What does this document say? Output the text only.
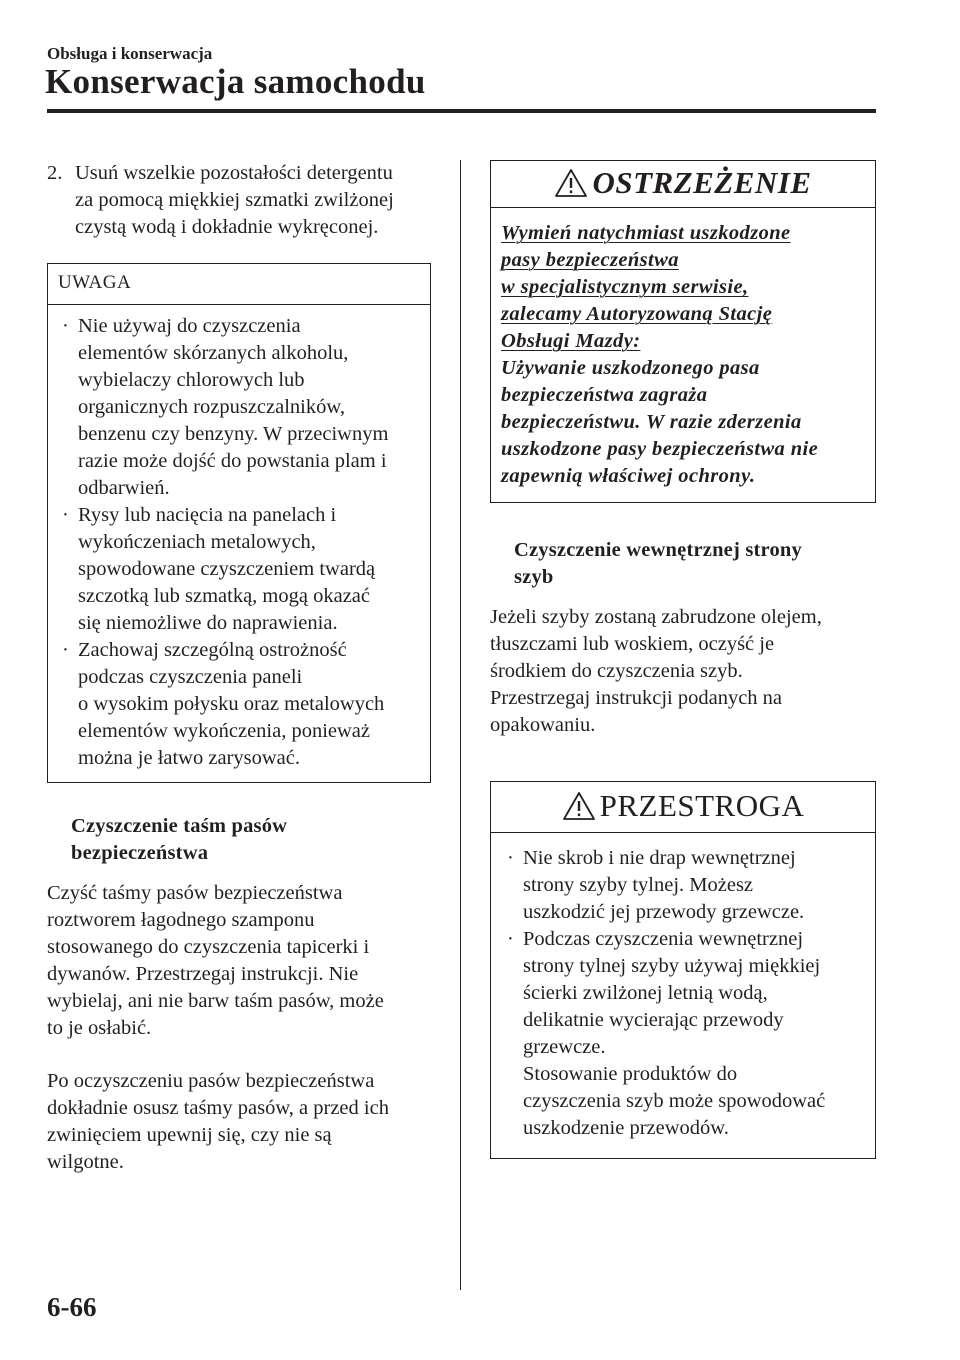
Obsługa i konserwacja
Konserwacja samochodu
2. Usuń wszelkie pozostałości detergentu
za pomocą miękkiej szmatki zwilżonej
czystą wodą i dokładnie wykręconej.
UWAGA
· Nie używaj do czyszczenia
elementów skórzanych alkoholu,
wybielaczy chlorowych lub
organicznych rozpuszczalników,
benzenu czy benzyny. W przeciwnym
razie może dojść do powstania plam i
odbarwień.
· Rysy lub nacięcia na panelach i
wykończeniach metalowych,
spowodowane czyszczeniem twardą
szczotką lub szmatką, mogą okazać
się niemożliwe do naprawienia.
· Zachowaj szczególną ostrożność
podczas czyszczenia paneli
o wysokim połysku oraz metalowych
elementów wykończenia, ponieważ
można je łatwo zarysować.
Czyszczenie taśm pasów
bezpieczeństwa
Czyść taśmy pasów bezpieczeństwa
roztworem łagodnego szamponu
stosowanego do czyszczenia tapicerki i
dywanów. Przestrzegaj instrukcji. Nie
wybielaj, ani nie barw taśm pasów, może
to je osłabić.
Po oczyszczeniu pasów bezpieczeństwa
dokładnie osusz taśmy pasów, a przed ich
zwinięciem upewnij się, czy nie są
wilgotne.
OSTRZEŻENIE
Wymień natychmiast uszkodzone
pasy bezpieczeństwa
w specjalistycznym serwisie,
zalecamy Autoryzowaną Stację
Obsługi Mazdy:
Używanie uszkodzonego pasa
bezpieczeństwa zagraża
bezpieczeństwu. W razie zderzenia
uszkodzone pasy bezpieczeństwa nie
zapewnią właściwej ochrony.
Czyszczenie wewnętrznej strony
szyb
Jeżeli szyby zostaną zabrudzone olejem,
tłuszczami lub woskiem, oczyść je
środkiem do czyszczenia szyb.
Przestrzegaj instrukcji podanych na
opakowaniu.
PRZESTROGA
· Nie skrob i nie drap wewnętrznej
strony szyby tylnej. Możesz
uszkodzić jej przewody grzewcze.
· Podczas czyszczenia wewnętrznej
strony tylnej szyby używaj miękkiej
ścierki zwilżonej letnią wodą,
delikatnie wycierając przewody
grzewcze.
Stosowanie produktów do
czyszczenia szyb może spowodować
uszkodzenie przewodów.
6-66
